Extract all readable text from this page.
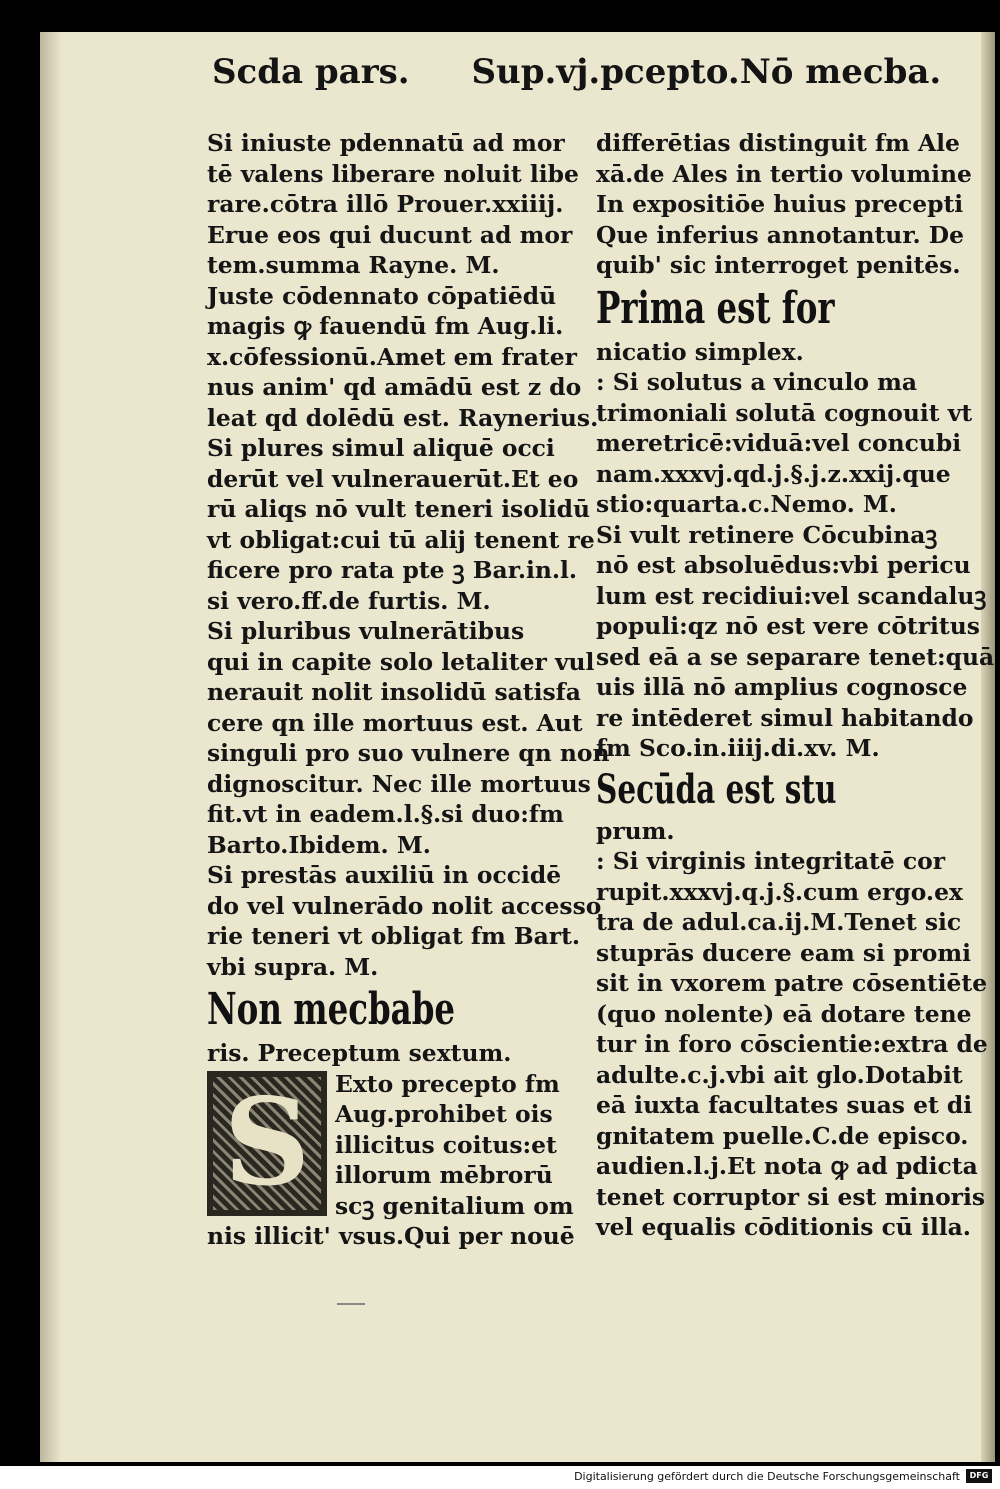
Scda pars. Sup.vj.pcepto.Nō mecba.
Si iniuste pdennatū ad mor
tē valens liberare noluit libe
rare.cōtra illō Prouer.xxiiij.
Erue eos qui ducunt ad mor
tem.summa Rayne. M.
Juste cōdennato cōpatiēdū
magis ꝙ fauendū fm Aug.li.
x.cōfessionū.Amet em frater
nus anim' qd amādū est z do
leat qd dolēdū est. Raynerius.
Si plures simul aliquē occi
derūt vel vulnerauerūt.Et eo
rū aliqs nō vult teneri isolidū
vt obligat:cui tū alij tenent re
ficere pro rata pte ꝫ Bar.in.l.
si vero.ff.de furtis. M.
Si pluribus vulnerātibus
qui in capite solo letaliter vul
nerauit nolit insolidū satisfa
cere qn ille mortuus est. Aut
singuli pro suo vulnere qn non
dignoscitur. Nec ille mortuus
fit.vt in eadem.l.§.si duo:fm
Barto.Ibidem. M.
Si prestās auxiliū in occidē
do vel vulnerādo nolit accesso
rie teneri vt obligat fm Bart.
vbi supra. M.
Non mecbabe
ris. Preceptum sextum.
S	Exto precepto fm
Aug.prohibet ois
illicitus coitus:et
illorum mēbrorū
scꝫ genitalium om
nis illicit' vsus.Qui per nouē
differētias distinguit fm Ale
xā.de Ales in tertio volumine
In expositiōe huius precepti
Que inferius annotantur. De
quib' sic interroget penitēs.
Prima est for
nicatio simplex.
: Si solutus a vinculo ma
trimoniali solutā cognouit vt
meretricē:viduā:vel concubi
nam.xxxvj.qd.j.§.j.z.xxij.que
stio:quarta.c.Nemo. M.
Si vult retinere Cōcubinaꝫ
nō est absoluēdus:vbi pericu
lum est recidiui:vel scandaluꝫ
populi:qz nō est vere cōtritus
sed eā a se separare tenet:quā
uis illā nō amplius cognosce
re intēderet simul habitando
fm Sco.in.iiij.di.xv. M.
Secūda est stu
prum.
: Si virginis integritatē cor
rupit.xxxvj.q.j.§.cum ergo.ex
tra de adul.ca.ij.M.Tenet sic
stuprās ducere eam si promi
sit in vxorem patre cōsentiēte
(quo nolente) eā dotare tene
tur in foro cōscientie:extra de
adulte.c.j.vbi ait glo.Dotabit
eā iuxta facultates suas et di
gnitatem puelle.C.de episco.
audien.l.j.Et nota ꝙ ad pdicta
tenet corruptor si est minoris
vel equalis cōditionis cū illa.
Digitalisierung gefördert durch die Deutsche Forschungsgemeinschaft	DFG
